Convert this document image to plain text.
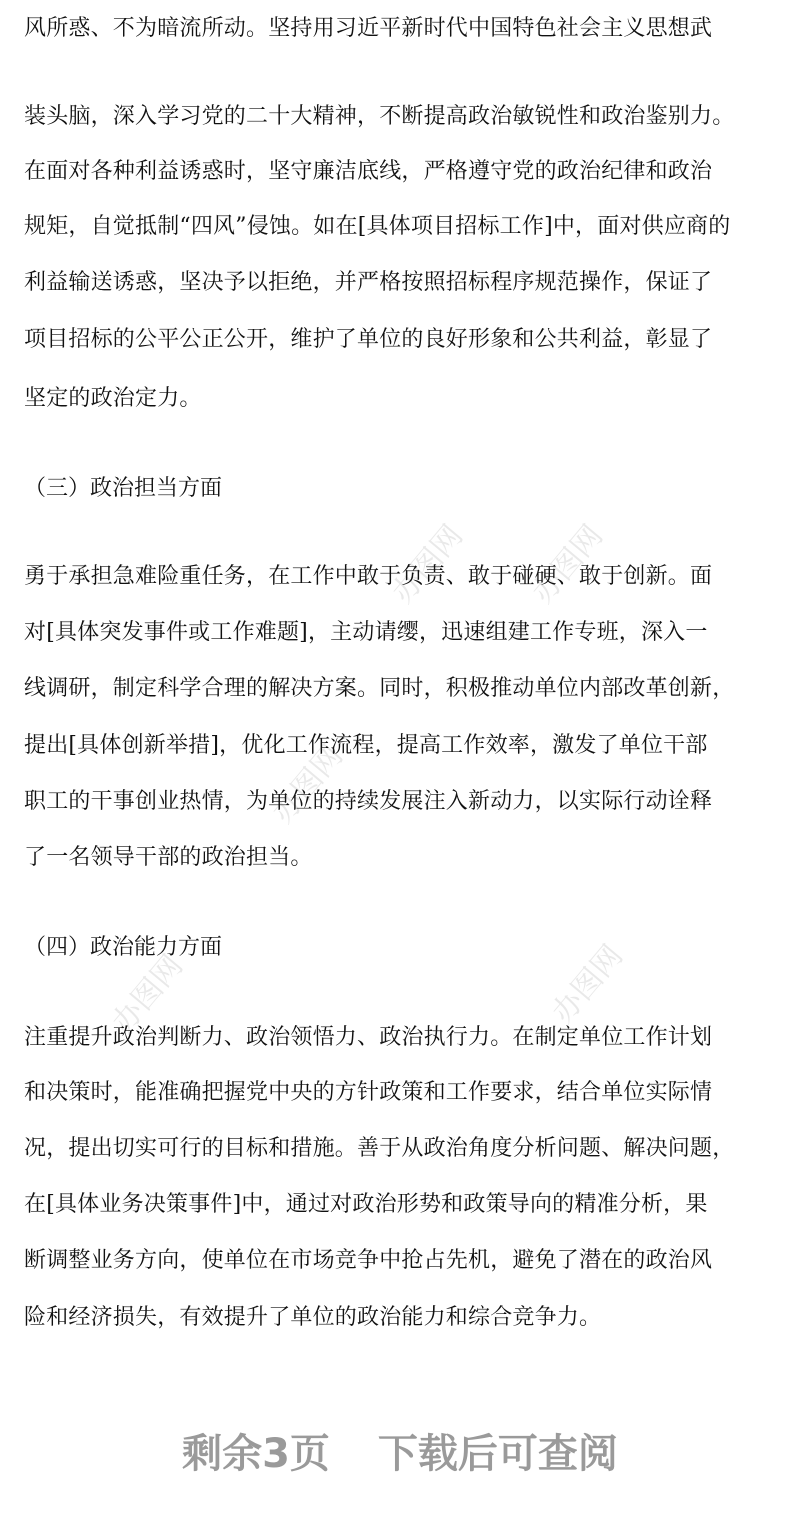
办图网 办图网
办图网
办图网	办图网
风所惑、不为暗流所动。坚持用习近平新时代中国特色社会主义思想武
装头脑，深入学习党的二十大精神，不断提高政治敏锐性和政治鉴别力。
在面对各种利益诱惑时，坚守廉洁底线，严格遵守党的政治纪律和政治
规矩，自觉抵制“四风”侵蚀。如在[具体项目招标工作]中，面对供应商的
利益输送诱惑，坚决予以拒绝，并严格按照招标程序规范操作，保证了
项目招标的公平公正公开，维护了单位的良好形象和公共利益，彰显了
坚定的政治定力。
（三）政治担当方面
勇于承担急难险重任务，在工作中敢于负责、敢于碰硬、敢于创新。面
对[具体突发事件或工作难题]，主动请缨，迅速组建工作专班，深入一
线调研，制定科学合理的解决方案。同时，积极推动单位内部改革创新，
提出[具体创新举措]，优化工作流程，提高工作效率，激发了单位干部
职工的干事创业热情，为单位的持续发展注入新动力，以实际行动诠释
了一名领导干部的政治担当。
（四）政治能力方面
注重提升政治判断力、政治领悟力、政治执行力。在制定单位工作计划
和决策时，能准确把握党中央的方针政策和工作要求，结合单位实际情
况，提出切实可行的目标和措施。善于从政治角度分析问题、解决问题，
在[具体业务决策事件]中，通过对政治形势和政策导向的精准分析，果
断调整业务方向，使单位在市场竞争中抢占先机，避免了潜在的政治风
险和经济损失，有效提升了单位的政治能力和综合竞争力。
剩余3页 下载后可查阅
